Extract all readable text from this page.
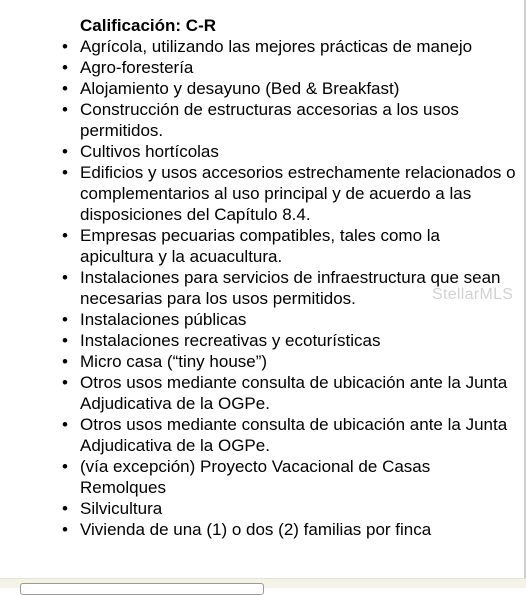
Calificación: C-R
• Agrícola, utilizando las mejores prácticas de manejo
• Agro-forestería
• Alojamiento y desayuno (Bed & Breakfast)
• Construcción de estructuras accesorias a los usos permitidos.
• Cultivos hortícolas
• Edificios y usos accesorios estrechamente relacionados o complementarios al uso principal y de acuerdo a las disposiciones del Capítulo 8.4.
• Empresas pecuarias compatibles, tales como la apicultura y la acuacultura.
• Instalaciones para servicios de infraestructura que sean necesarias para los usos permitidos.
• Instalaciones públicas
• Instalaciones recreativas y ecoturísticas
• Micro casa (“tiny house”)
• Otros usos mediante consulta de ubicación ante la Junta Adjudicativa de la OGPe.
• Otros usos mediante consulta de ubicación ante la Junta Adjudicativa de la OGPe.
• (vía excepción) Proyecto Vacacional de Casas Remolques
• Silvicultura
• Vivienda de una (1) o dos (2) familias por finca
StellarMLS
